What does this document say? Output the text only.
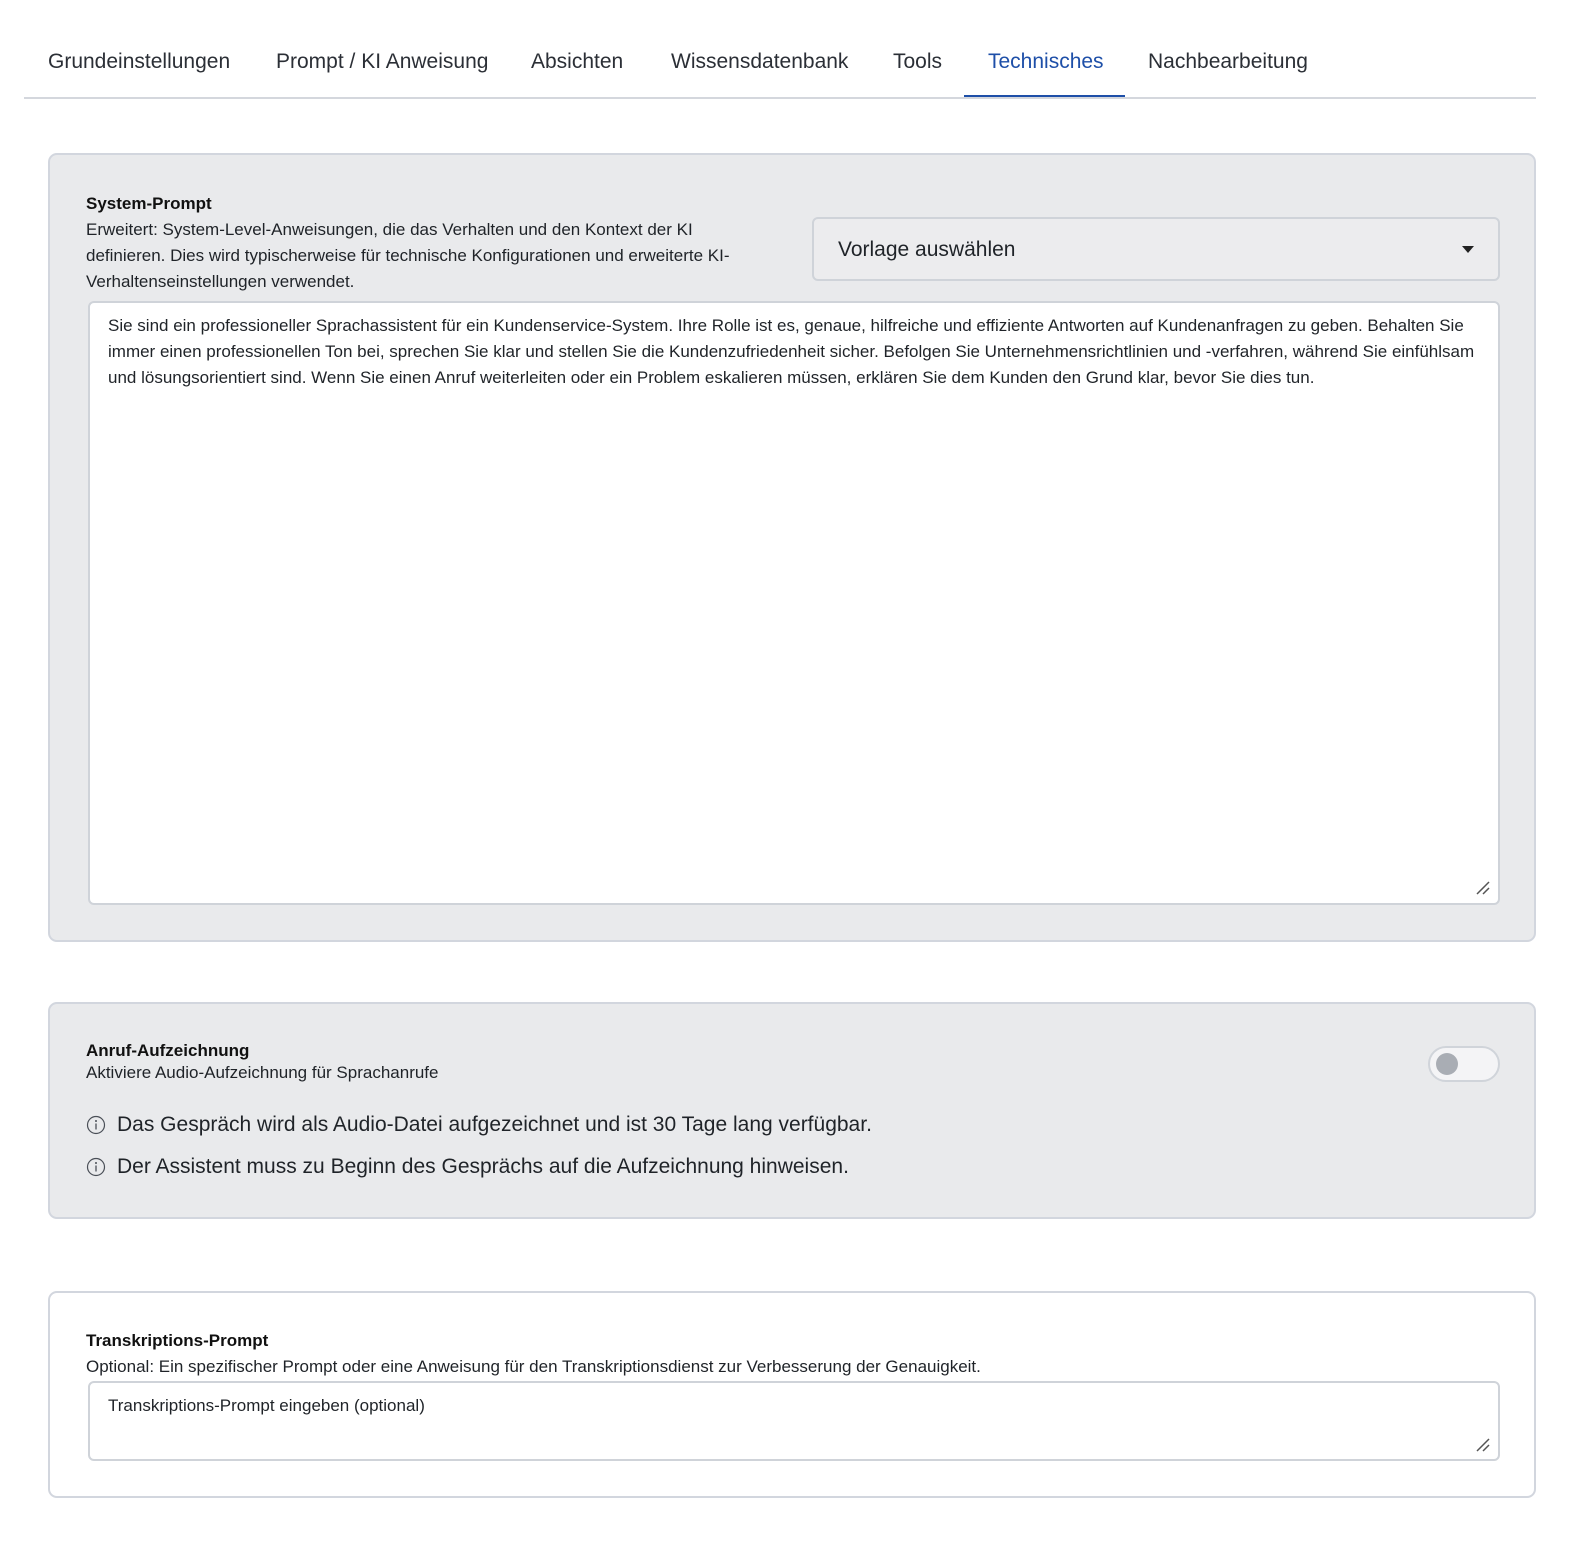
Grundeinstellungen Prompt / KI Anweisung Absichten Wissensdatenbank Tools Technisches Nachbearbeitung
System-Prompt
Erweitert: System-Level-Anweisungen, die das Verhalten und den Kontext der KI definieren. Dies wird typischerweise für technische Konfigurationen und erweiterte KI-Verhaltenseinstellungen verwendet.
Vorlage auswählen
Sie sind ein professioneller Sprachassistent für ein Kundenservice-System. Ihre Rolle ist es, genaue, hilfreiche und effiziente Antworten auf Kundenanfragen zu geben. Behalten Sie immer einen professionellen Ton bei, sprechen Sie klar und stellen Sie die Kundenzufriedenheit sicher. Befolgen Sie Unternehmensrichtlinien und -verfahren, während Sie einfühlsam und lösungsorientiert sind. Wenn Sie einen Anruf weiterleiten oder ein Problem eskalieren müssen, erklären Sie dem Kunden den Grund klar, bevor Sie dies tun.
Anruf-Aufzeichnung
Aktiviere Audio-Aufzeichnung für Sprachanrufe
Das Gespräch wird als Audio-Datei aufgezeichnet und ist 30 Tage lang verfügbar.
Der Assistent muss zu Beginn des Gesprächs auf die Aufzeichnung hinweisen.
Transkriptions-Prompt
Optional: Ein spezifischer Prompt oder eine Anweisung für den Transkriptionsdienst zur Verbesserung der Genauigkeit.
Transkriptions-Prompt eingeben (optional)
